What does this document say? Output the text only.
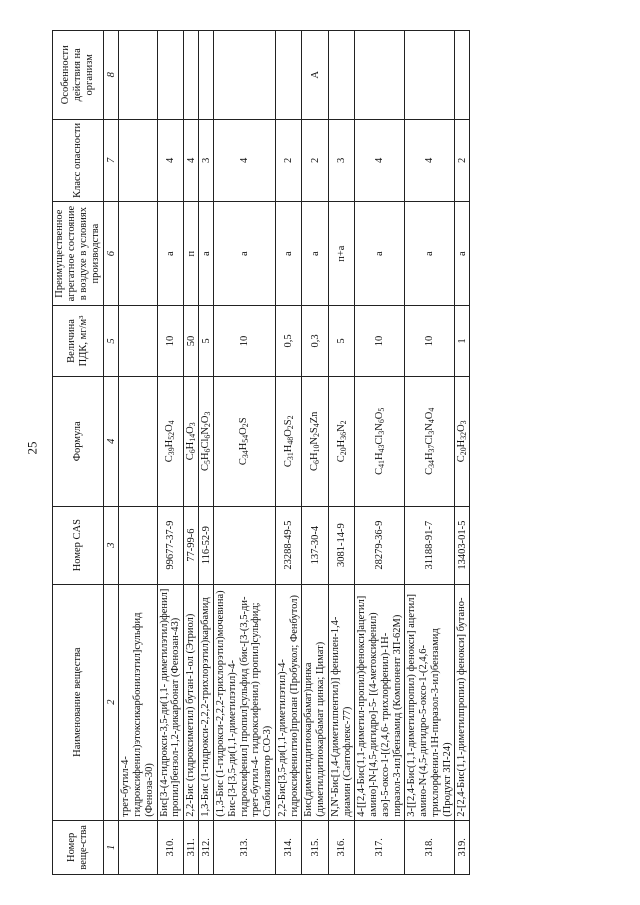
25
Номер веще-ства	Наименование вещества	Номер CAS	Формула	Величина ПДК, мг/м³	Преимущественное агрегатное состояние в воздухе в условиях производства	Класс опасности	Особенности действия на организм
1	2	3	4	5	6	7	8
	трет-бутил-4-гидроксифенил)этоксикарбонилэтил]сульфид (Феноза-30)						
310.	Бис[3-(4-гидрокси-3,5-ди(1,1- диметилэтил)фенил] пропил]бензол-1,2-дикарбонат (Фенозан-43)	99677-37-9	$C_{39}H_{52}O_4$	10	а	4	
311.	2,2-Бис (гидроксиметил) бутан-1-ол (Этриол)	77-99-6	$C_6H_{14}O_3$	50	п	4	
312.	1,3-Бис (1-гидрокси-2,2,2-трихлорэтил)карбамид	116-52-9	$C_5H_6Cl_6N_2O_3$	5	а	3	
313.	(1,3-Бис (1-гидрокси-2,2,2-трихлорэтил)мочевина) Бис-[3-[3,5-ди(1,1-диметилэтил)-4- гидроксифенил] пропил]сульфид (бис-[3-(3,5-ди-трет-бутил-4- гидроксифенил) пропил]сульфид; Стабилизатор СО-3)		$C_{34}H_{54}O_2S$	10	а	4	
314.	2,2-Бис[3,5-ди(1,1-диметилэтил)-4- гидроксифенилтио]пропан (Пробукол; Фенбутол)	23288-49-5	$C_{31}H_{48}O_2S_2$	0,5	а	2	
315.	Бис(диметилдитиокарбамат)цинка (диметилдитиокарбамат цинка; Цимат)	137-30-4	$C_6H_{10}N_2S_4Zn$	0,3	а	2	А
316.	N,N'-Бис[1,4-(диметилпентил)] фенилен-1,4-диамин (Сантофлекс-77)	3081-14-9	$C_{20}H_{36}N_2$	5	п+а	3	
317.	4-[[2,4-Бис(1,1-диметил-пропил)фенокси]ацетил] амино]-N-[4,5-дигидро]-5- [(4-метоксифенил) азо]-5-оксо-1-[(2,4,6- трихлорфенил)-1Н-пиразол-3-ил]бензамид (Компонент 3П-62М)	28279-36-9	$C_{41}H_{43}Cl_3N_6O_5$	10	а	4	
318.	3-[[2,4-Бис(1,1-диметилпропил) фенокси] ацетил] амино-N-(4,5-дигидро-5-оксо-1-(2,4,6- трихлорфенил-1Н-пиразол-3-ил)бензамид (Продукт 3П-24)	31188-91-7	$C_{34}H_{37}Cl_3N_4O_4$	10	а	4	
319.	2-[2,4-Бис(1,1-диметилпропил) фенокси] бутано-	13403-01-5	$C_{20}H_{32}O_3$	1	а	2	
